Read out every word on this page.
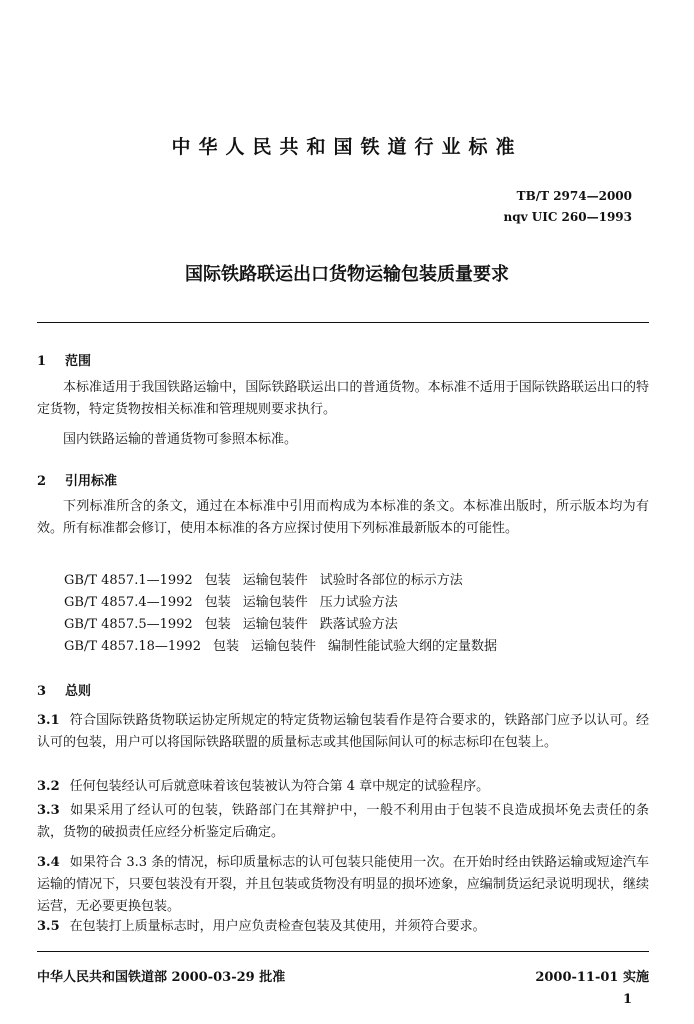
中华人民共和国铁道行业标准
TB/T 2974—2000
nqv UIC 260—1993
国际铁路联运出口货物运输包装质量要求
1 范围
本标准适用于我国铁路运输中，国际铁路联运出口的普通货物。本标准不适用于国际铁路联运出口的特定货物，特定货物按相关标准和管理规则要求执行。
国内铁路运输的普通货物可参照本标准。
2 引用标准
下列标准所含的条文，通过在本标准中引用而构成为本标准的条文。本标准出版时，所示版本均为有效。所有标准都会修订，使用本标准的各方应探讨使用下列标准最新版本的可能性。
GB/T 4857.1—1992 包装 运输包装件 试验时各部位的标示方法
GB/T 4857.4—1992 包装 运输包装件 压力试验方法
GB/T 4857.5—1992 包装 运输包装件 跌落试验方法
GB/T 4857.18—1992 包装 运输包装件 编制性能试验大纲的定量数据
3 总则
3.1 符合国际铁路货物联运协定所规定的特定货物运输包装看作是符合要求的，铁路部门应予以认可。经认可的包装，用户可以将国际铁路联盟的质量标志或其他国际间认可的标志标印在包装上。
3.2 任何包装经认可后就意味着该包装被认为符合第 4 章中规定的试验程序。
3.3 如果采用了经认可的包装，铁路部门在其辩护中，一般不利用由于包装不良造成损坏免去责任的条款，货物的破损责任应经分析鉴定后确定。
3.4 如果符合 3.3 条的情况，标印质量标志的认可包装只能使用一次。在开始时经由铁路运输或短途汽车运输的情况下，只要包装没有开裂，并且包装或货物没有明显的损坏迹象，应编制货运纪录说明现状，继续运营，无必要更换包装。
3.5 在包装打上质量标志时，用户应负责检查包装及其使用，并须符合要求。
中华人民共和国铁道部 2000-03-29 批准	2000-11-01 实施
1
